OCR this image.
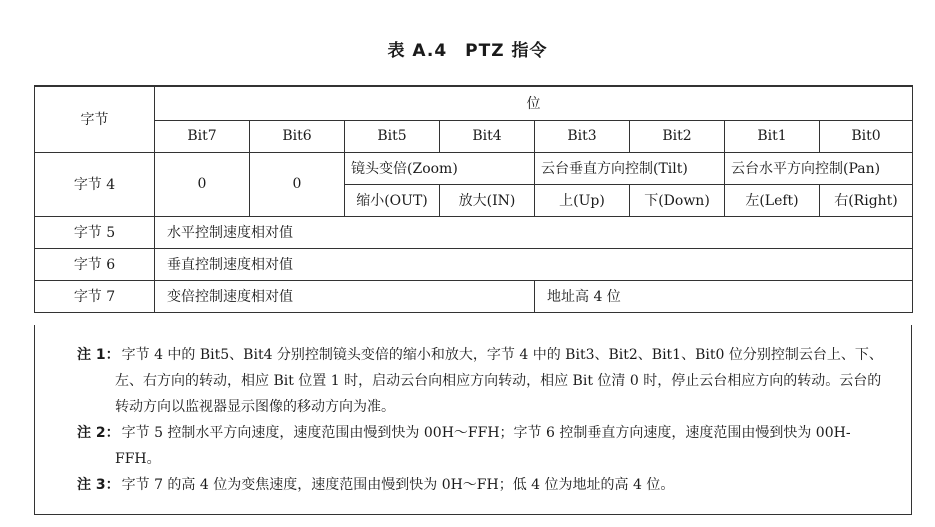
表 A.4　PTZ 指令
字节	位							
	Bit7	Bit6	Bit5	Bit4	Bit3	Bit2	Bit1	Bit0
字节 4	0	0	镜头变倍(Zoom)		云台垂直方向控制(Tilt)		云台水平方向控制(Pan)	
			缩小(OUT)	放大(IN)	上(Up)	下(Down)	左(Left)	右(Right)
字节 5	水平控制速度相对值							
字节 6	垂直控制速度相对值							
字节 7	变倍控制速度相对值				地址高 4 位			

注 1： 字节 4 中的 Bit5、Bit4 分别控制镜头变倍的缩小和放大，字节 4 中的 Bit3、Bit2、Bit1、Bit0 位分别控制云台上、下、左、右方向的转动，相应 Bit 位置 1 时，启动云台向相应方向转动，相应 Bit 位清 0 时，停止云台相应方向的转动。云台的转动方向以监视器显示图像的移动方向为准。

注 2： 字节 5 控制水平方向速度，速度范围由慢到快为 00H～FFH；字节 6 控制垂直方向速度，速度范围由慢到快为 00H-FFH。

注 3： 字节 7 的高 4 位为变焦速度，速度范围由慢到快为 0H～FH；低 4 位为地址的高 4 位。
